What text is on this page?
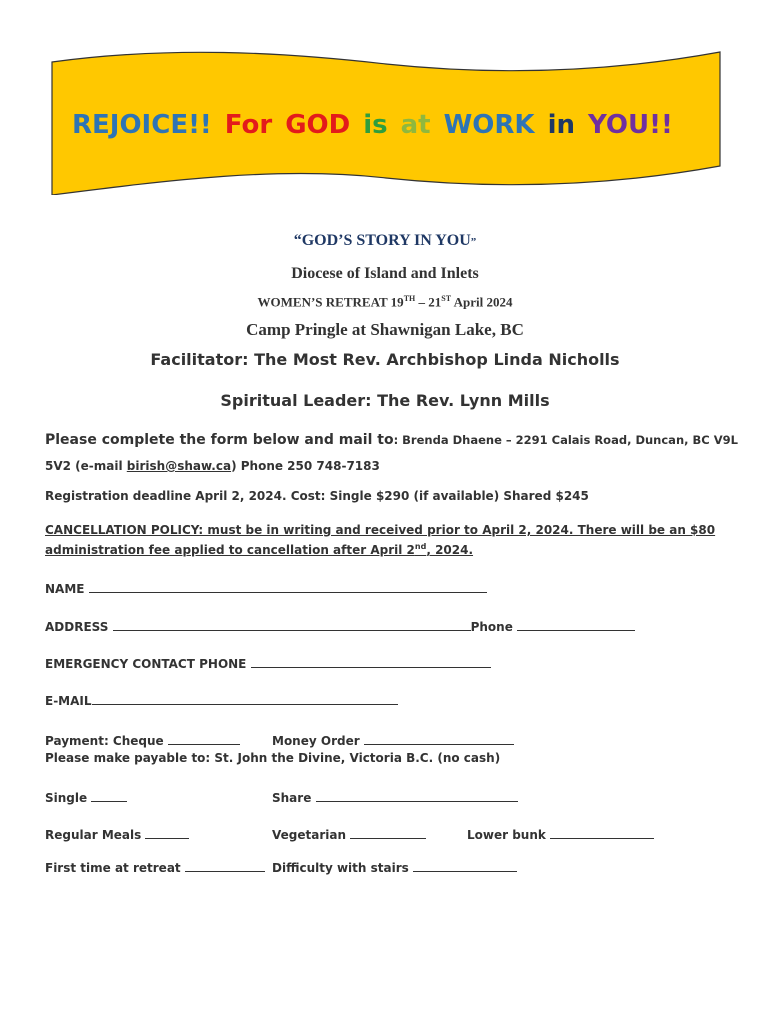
REJOICE!! For GOD is at WORK in YOU!!
“GOD’S STORY IN YOU”
Diocese of Island and Inlets
WOMEN’S RETREAT 19TH – 21ST April 2024
Camp Pringle at Shawnigan Lake, BC
Facilitator: The Most Rev. Archbishop Linda Nicholls
Spiritual Leader: The Rev. Lynn Mills
Please complete the form below and mail to: Brenda Dhaene – 2291 Calais Road, Duncan, BC V9L
5V2 (e-mail birish@shaw.ca) Phone 250 748-7183
Registration deadline April 2, 2024. Cost: Single $290 (if available) Shared $245
CANCELLATION POLICY: must be in writing and received prior to April 2, 2024. There will be an $80
administration fee applied to cancellation after April 2nd, 2024.
NAME
ADDRESS	Phone
EMERGENCY CONTACT PHONE
E-MAIL
Payment: Cheque	Money Order
Please make payable to: St. John the Divine, Victoria B.C. (no cash)
Single	Share
Regular Meals	Vegetarian	Lower bunk
First time at retreat	Difficulty with stairs
